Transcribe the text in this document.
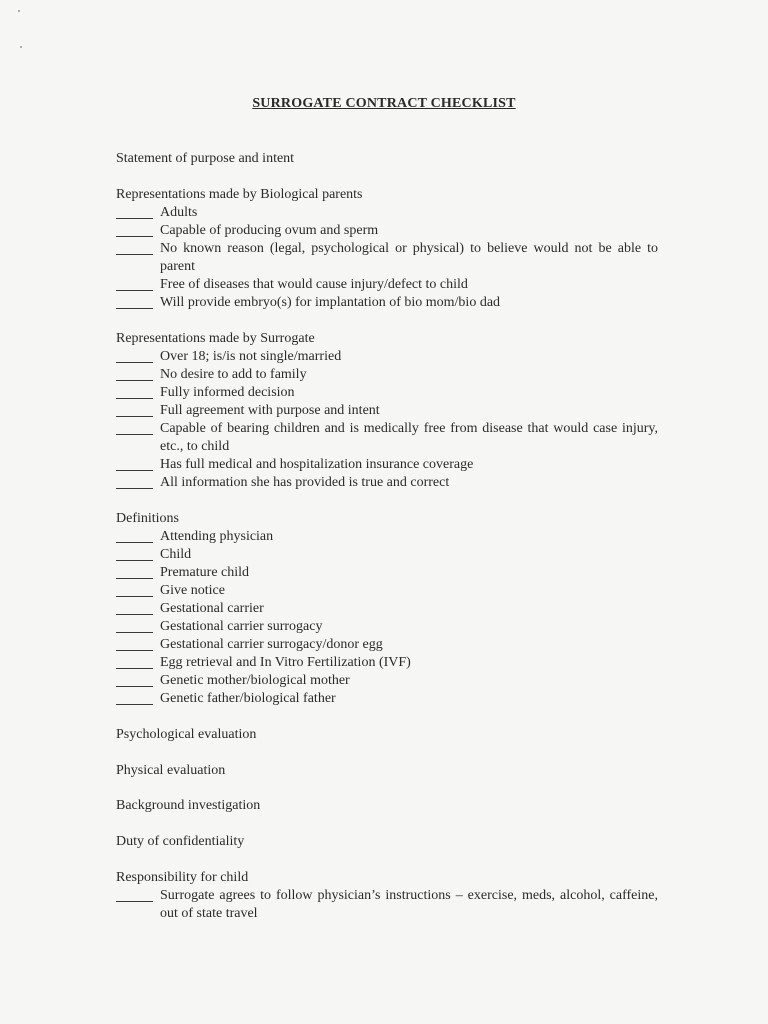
SURROGATE CONTRACT CHECKLIST
Statement of purpose and intent
Representations made by Biological parents
Adults
Capable of producing ovum and sperm
No known reason (legal, psychological or physical) to believe would not be able to parent
Free of diseases that would cause injury/defect to child
Will provide embryo(s) for implantation of bio mom/bio dad
Representations made by Surrogate
Over 18; is/is not single/married
No desire to add to family
Fully informed decision
Full agreement with purpose and intent
Capable of bearing children and is medically free from disease that would case injury, etc., to child
Has full medical and hospitalization insurance coverage
All information she has provided is true and correct
Definitions
Attending physician
Child
Premature child
Give notice
Gestational carrier
Gestational carrier surrogacy
Gestational carrier surrogacy/donor egg
Egg retrieval and In Vitro Fertilization (IVF)
Genetic mother/biological mother
Genetic father/biological father
Psychological evaluation
Physical evaluation
Background investigation
Duty of confidentiality
Responsibility for child
Surrogate agrees to follow physician’s instructions – exercise, meds, alcohol, caffeine, out of state travel
